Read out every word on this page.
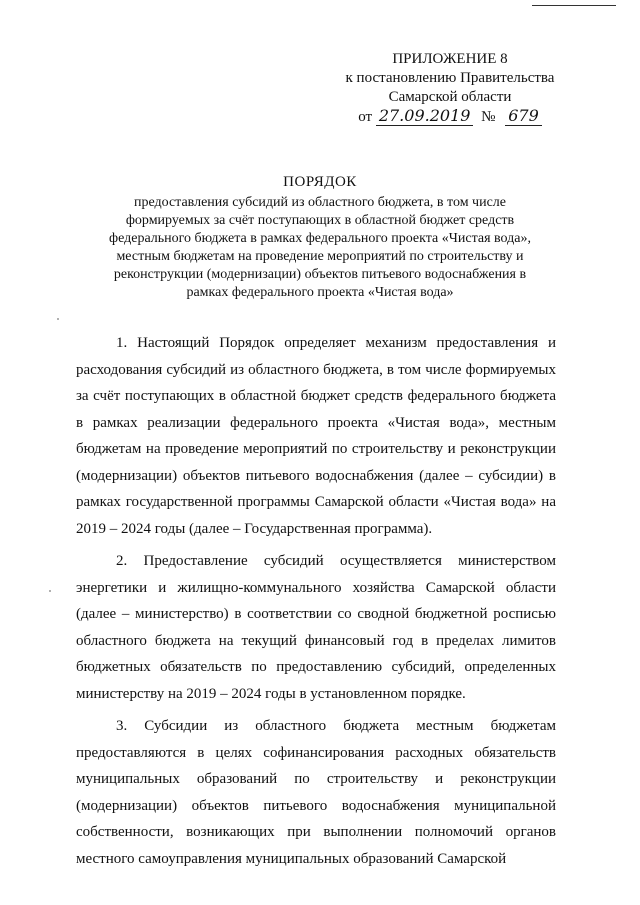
ПРИЛОЖЕНИЕ 8
к постановлению Правительства
Самарской области
от 27.09.2019 № 679
ПОРЯДОК
предоставления субсидий из областного бюджета, в том числе формируемых за счёт поступающих в областной бюджет средств федерального бюджета в рамках федерального проекта «Чистая вода», местным бюджетам на проведение мероприятий по строительству и реконструкции (модернизации) объектов питьевого водоснабжения в рамках федерального проекта «Чистая вода»

1. Настоящий Порядок определяет механизм предоставления и расходования субсидий из областного бюджета, в том числе формируемых за счёт поступающих в областной бюджет средств федерального бюджета в рамках реализации федерального проекта «Чистая вода», местным бюджетам на проведение мероприятий по строительству и реконструкции (модернизации) объектов питьевого водоснабжения (далее – субсидии) в рамках государственной программы Самарской области «Чистая вода» на 2019 – 2024 годы (далее – Государственная программа).

2. Предоставление субсидий осуществляется министерством энергетики и жилищно-коммунального хозяйства Самарской области (далее – министерство) в соответствии со сводной бюджетной росписью областного бюджета на текущий финансовый год в пределах лимитов бюджетных обязательств по предоставлению субсидий, определенных министерству на 2019 – 2024 годы в установленном порядке.

3. Субсидии из областного бюджета местным бюджетам предоставляются в целях софинансирования расходных обязательств муниципальных образований по строительству и реконструкции (модернизации) объектов питьевого водоснабжения муниципальной собственности, возникающих при выполнении полномочий органов местного самоуправления муниципальных образований Самарской
